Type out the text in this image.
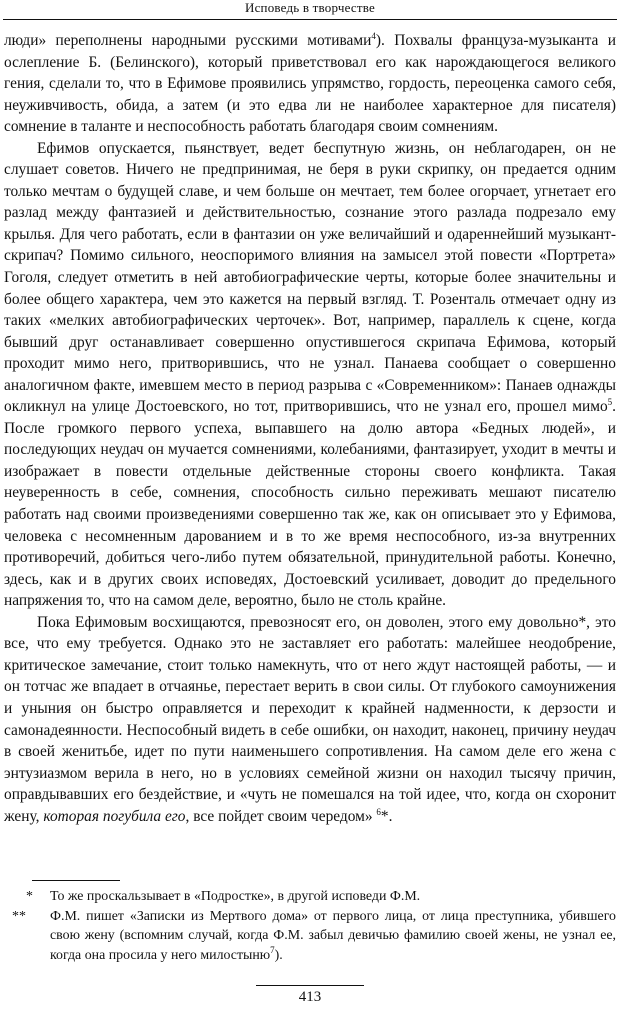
Исповедь в творчестве

люди» переполнены народными русскими мотивами$^4$). Похвалы француза-музыканта и ослепление Б. (Белинского), который приветствовал его как нарождающегося великого гения, сделали то, что в Ефимове проявились упрямство, гордость, переоценка самого себя, неуживчивость, обида, а затем (и это едва ли не наиболее характерное для писателя) сомнение в таланте и неспособность работать благодаря своим сомнениям.

Ефимов опускается, пьянствует, ведет беспутную жизнь, он неблагодарен, он не слушает советов. Ничего не предпринимая, не беря в руки скрипку, он предается одним только мечтам о будущей славе, и чем больше он мечтает, тем более огорчает, угнетает его разлад между фантазией и действительностью, сознание этого разлада подрезало ему крылья. Для чего работать, если в фантазии он уже величайший и одареннейший музыкант-скрипач? Помимо сильного, неоспоримого влияния на замысел этой повести «Портрета» Гоголя, следует отметить в ней автобиографические черты, которые более значительны и более общего характера, чем это кажется на первый взгляд. Т. Розенталь отмечает одну из таких «мелких автобиографических черточек». Вот, например, параллель к сцене, когда бывший друг останавливает совершенно опустившегося скрипача Ефимова, который проходит мимо него, притворившись, что не узнал. Панаева сообщает о совершенно аналогичном факте, имевшем место в период разрыва с «Современником»: Панаев однажды окликнул на улице Достоевского, но тот, притворившись, что не узнал его, прошел мимо$^5$. После громкого первого успеха, выпавшего на долю автора «Бедных людей», и последующих неудач он мучается сомнениями, колебаниями, фантазирует, уходит в мечты и изображает в повести отдельные действенные стороны своего конфликта. Такая неуверенность в себе, сомнения, способность сильно переживать мешают писателю работать над своими произведениями совершенно так же, как он описывает это у Ефимова, человека с несомненным дарованием и в то же время неспособного, из-за внутренних противоречий, добиться чего-либо путем обязательной, принудительной работы. Конечно, здесь, как и в других своих исповедях, Достоевский усиливает, доводит до предельного напряжения то, что на самом деле, вероятно, было не столь крайне.

Пока Ефимовым восхищаются, превозносят его, он доволен, этого ему довольно*, это все, что ему требуется. Однако это не заставляет его работать: малейшее неодобрение, критическое замечание, стоит только намекнуть, что от него ждут настоящей работы, — и он тотчас же впадает в отчаянье, перестает верить в свои силы. От глубокого самоунижения и уныния он быстро оправляется и переходит к крайней надменности, к дерзости и самонадеянности. Неспособный видеть в себе ошибки, он находит, наконец, причину неудач в своей женитьбе, идет по пути наименьшего сопротивления. На самом деле его жена с энтузиазмом верила в него, но в условиях семейной жизни он находил тысячу причин, оправдывавших его бездействие, и «чуть не помешался на той идее, что, когда он схоронит жену, которая погубила его, все пойдет своим чередом» $^6$*.

* То же проскальзывает в «Подростке», в другой исповеди Ф.М.
** Ф.М. пишет «Записки из Мертвого дома» от первого лица, от лица преступника, убившего свою жену (вспомним случай, когда Ф.М. забыл девичью фамилию своей жены, не узнал ее, когда она просила у него милостыню$^7$).
413
